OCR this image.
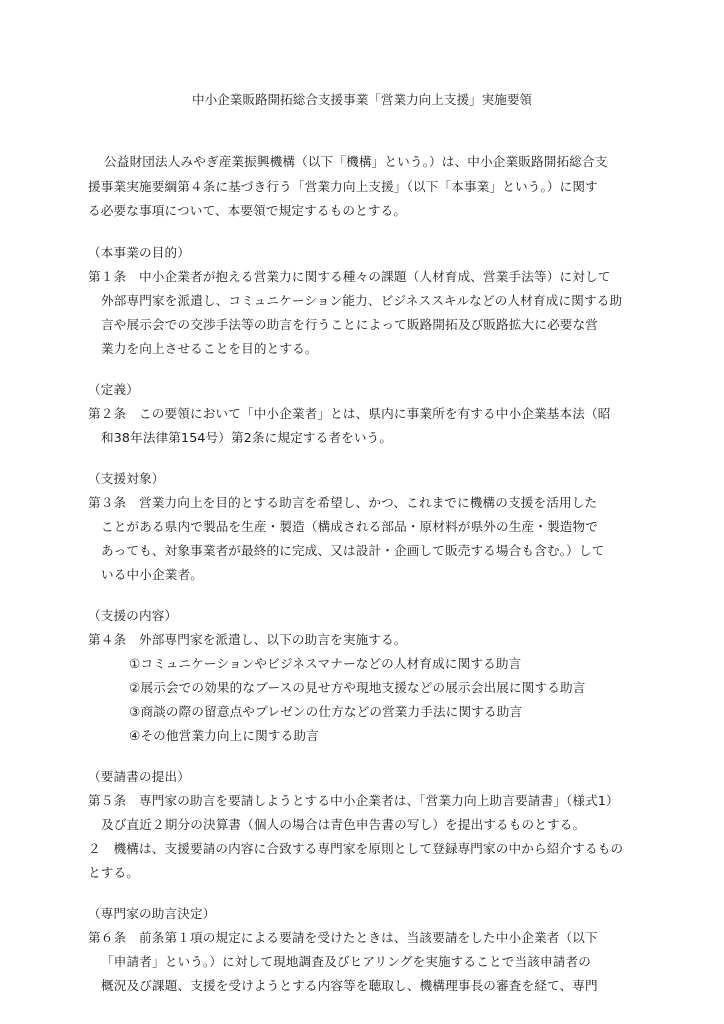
中小企業販路開拓総合支援事業「営業力向上支援」実施要領
公益財団法人みやぎ産業振興機構（以下「機構」という。）は、中小企業販路開拓総合支
援事業実施要綱第４条に基づき行う「営業力向上支援」（以下「本事業」という。）に関す
る必要な事項について、本要領で規定するものとする。
（本事業の目的）
第１条　中小企業者が抱える営業力に関する種々の課題（人材育成、営業手法等）に対して
外部専門家を派遣し、コミュニケーション能力、ビジネススキルなどの人材育成に関する助
言や展示会での交渉手法等の助言を行うことによって販路開拓及び販路拡大に必要な営
業力を向上させることを目的とする。
（定義）
第２条　この要領において「中小企業者」とは、県内に事業所を有する中小企業基本法（昭
和38年法律第154号）第2条に規定する者をいう。
（支援対象）
第３条　営業力向上を目的とする助言を希望し、かつ、これまでに機構の支援を活用した
ことがある県内で製品を生産・製造（構成される部品・原材料が県外の生産・製造物で
あっても、対象事業者が最終的に完成、又は設計・企画して販売する場合も含む。）して
いる中小企業者。
（支援の内容）
第４条　外部専門家を派遣し、以下の助言を実施する。
①コミュニケーションやビジネスマナーなどの人材育成に関する助言
②展示会での効果的なブースの見せ方や現地支援などの展示会出展に関する助言
③商談の際の留意点やプレゼンの仕方などの営業力手法に関する助言
④その他営業力向上に関する助言
（要請書の提出）
第５条　専門家の助言を要請しようとする中小企業者は、「営業力向上助言要請書」（様式1）
及び直近２期分の決算書（個人の場合は青色申告書の写し）を提出するものとする。
２　機構は、支援要請の内容に合致する専門家を原則として登録専門家の中から紹介するもの
とする。
（専門家の助言決定）
第６条　前条第１項の規定による要請を受けたときは、当該要請をした中小企業者（以下
「申請者」という。）に対して現地調査及びヒアリングを実施することで当該申請者の
概況及び課題、支援を受けようとする内容等を聴取し、機構理事長の審査を経て、専門
